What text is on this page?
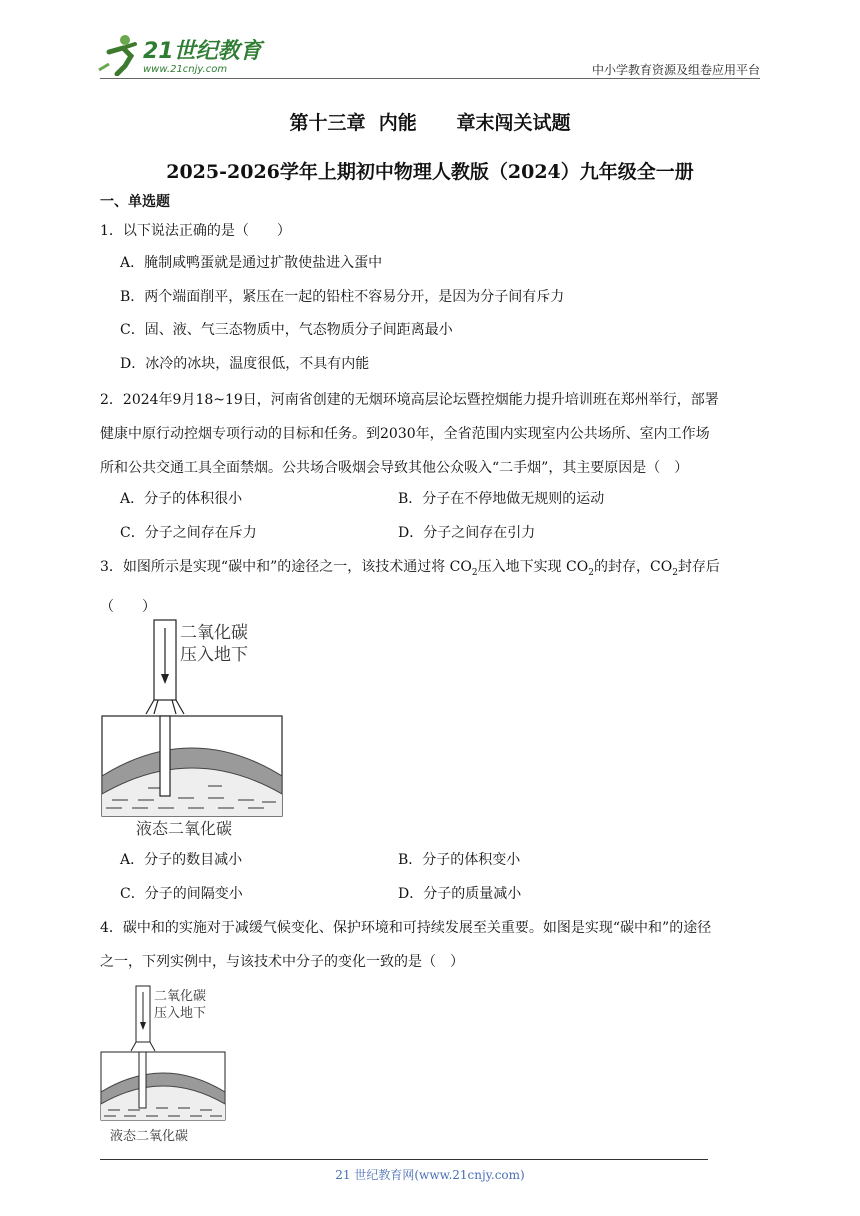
21世纪教育
www.21cnjy.com	中小学教育资源及组卷应用平台
第十三章  内能      章末闯关试题
2025-2026学年上期初中物理人教版（2024）九年级全一册
一、单选题
1．以下说法正确的是（　　）
A．腌制咸鸭蛋就是通过扩散使盐进入蛋中
B．两个端面削平，紧压在一起的铅柱不容易分开，是因为分子间有斥力
C．固、液、气三态物质中，气态物质分子间距离最小
D．冰冷的冰块，温度很低，不具有内能
2．2024年9月18~19日，河南省创建的无烟环境高层论坛暨控烟能力提升培训班在郑州举行，部署
健康中原行动控烟专项行动的目标和任务。到2030年，全省范围内实现室内公共场所、室内工作场
所和公共交通工具全面禁烟。公共场合吸烟会导致其他公众吸入“二手烟”，其主要原因是（　）
A．分子的体积很小	B．分子在不停地做无规则的运动
C．分子之间存在斥力	D．分子之间存在引力
3．如图所示是实现“碳中和”的途径之一，该技术通过将 $CO_2$压入地下实现 $CO_2$的封存，$CO_2$封存后
（　　）
二氧化碳
压入地下
液态二氧化碳
A．分子的数目减小	B．分子的体积变小
C．分子的间隔变小	D．分子的质量减小
4．碳中和的实施对于减缓气候变化、保护环境和可持续发展至关重要。如图是实现“碳中和”的途径
之一，下列实例中，与该技术中分子的变化一致的是（　）
二氧化碳
压入地下
液态二氧化碳
21 世纪教育网(www.21cnjy.com)
